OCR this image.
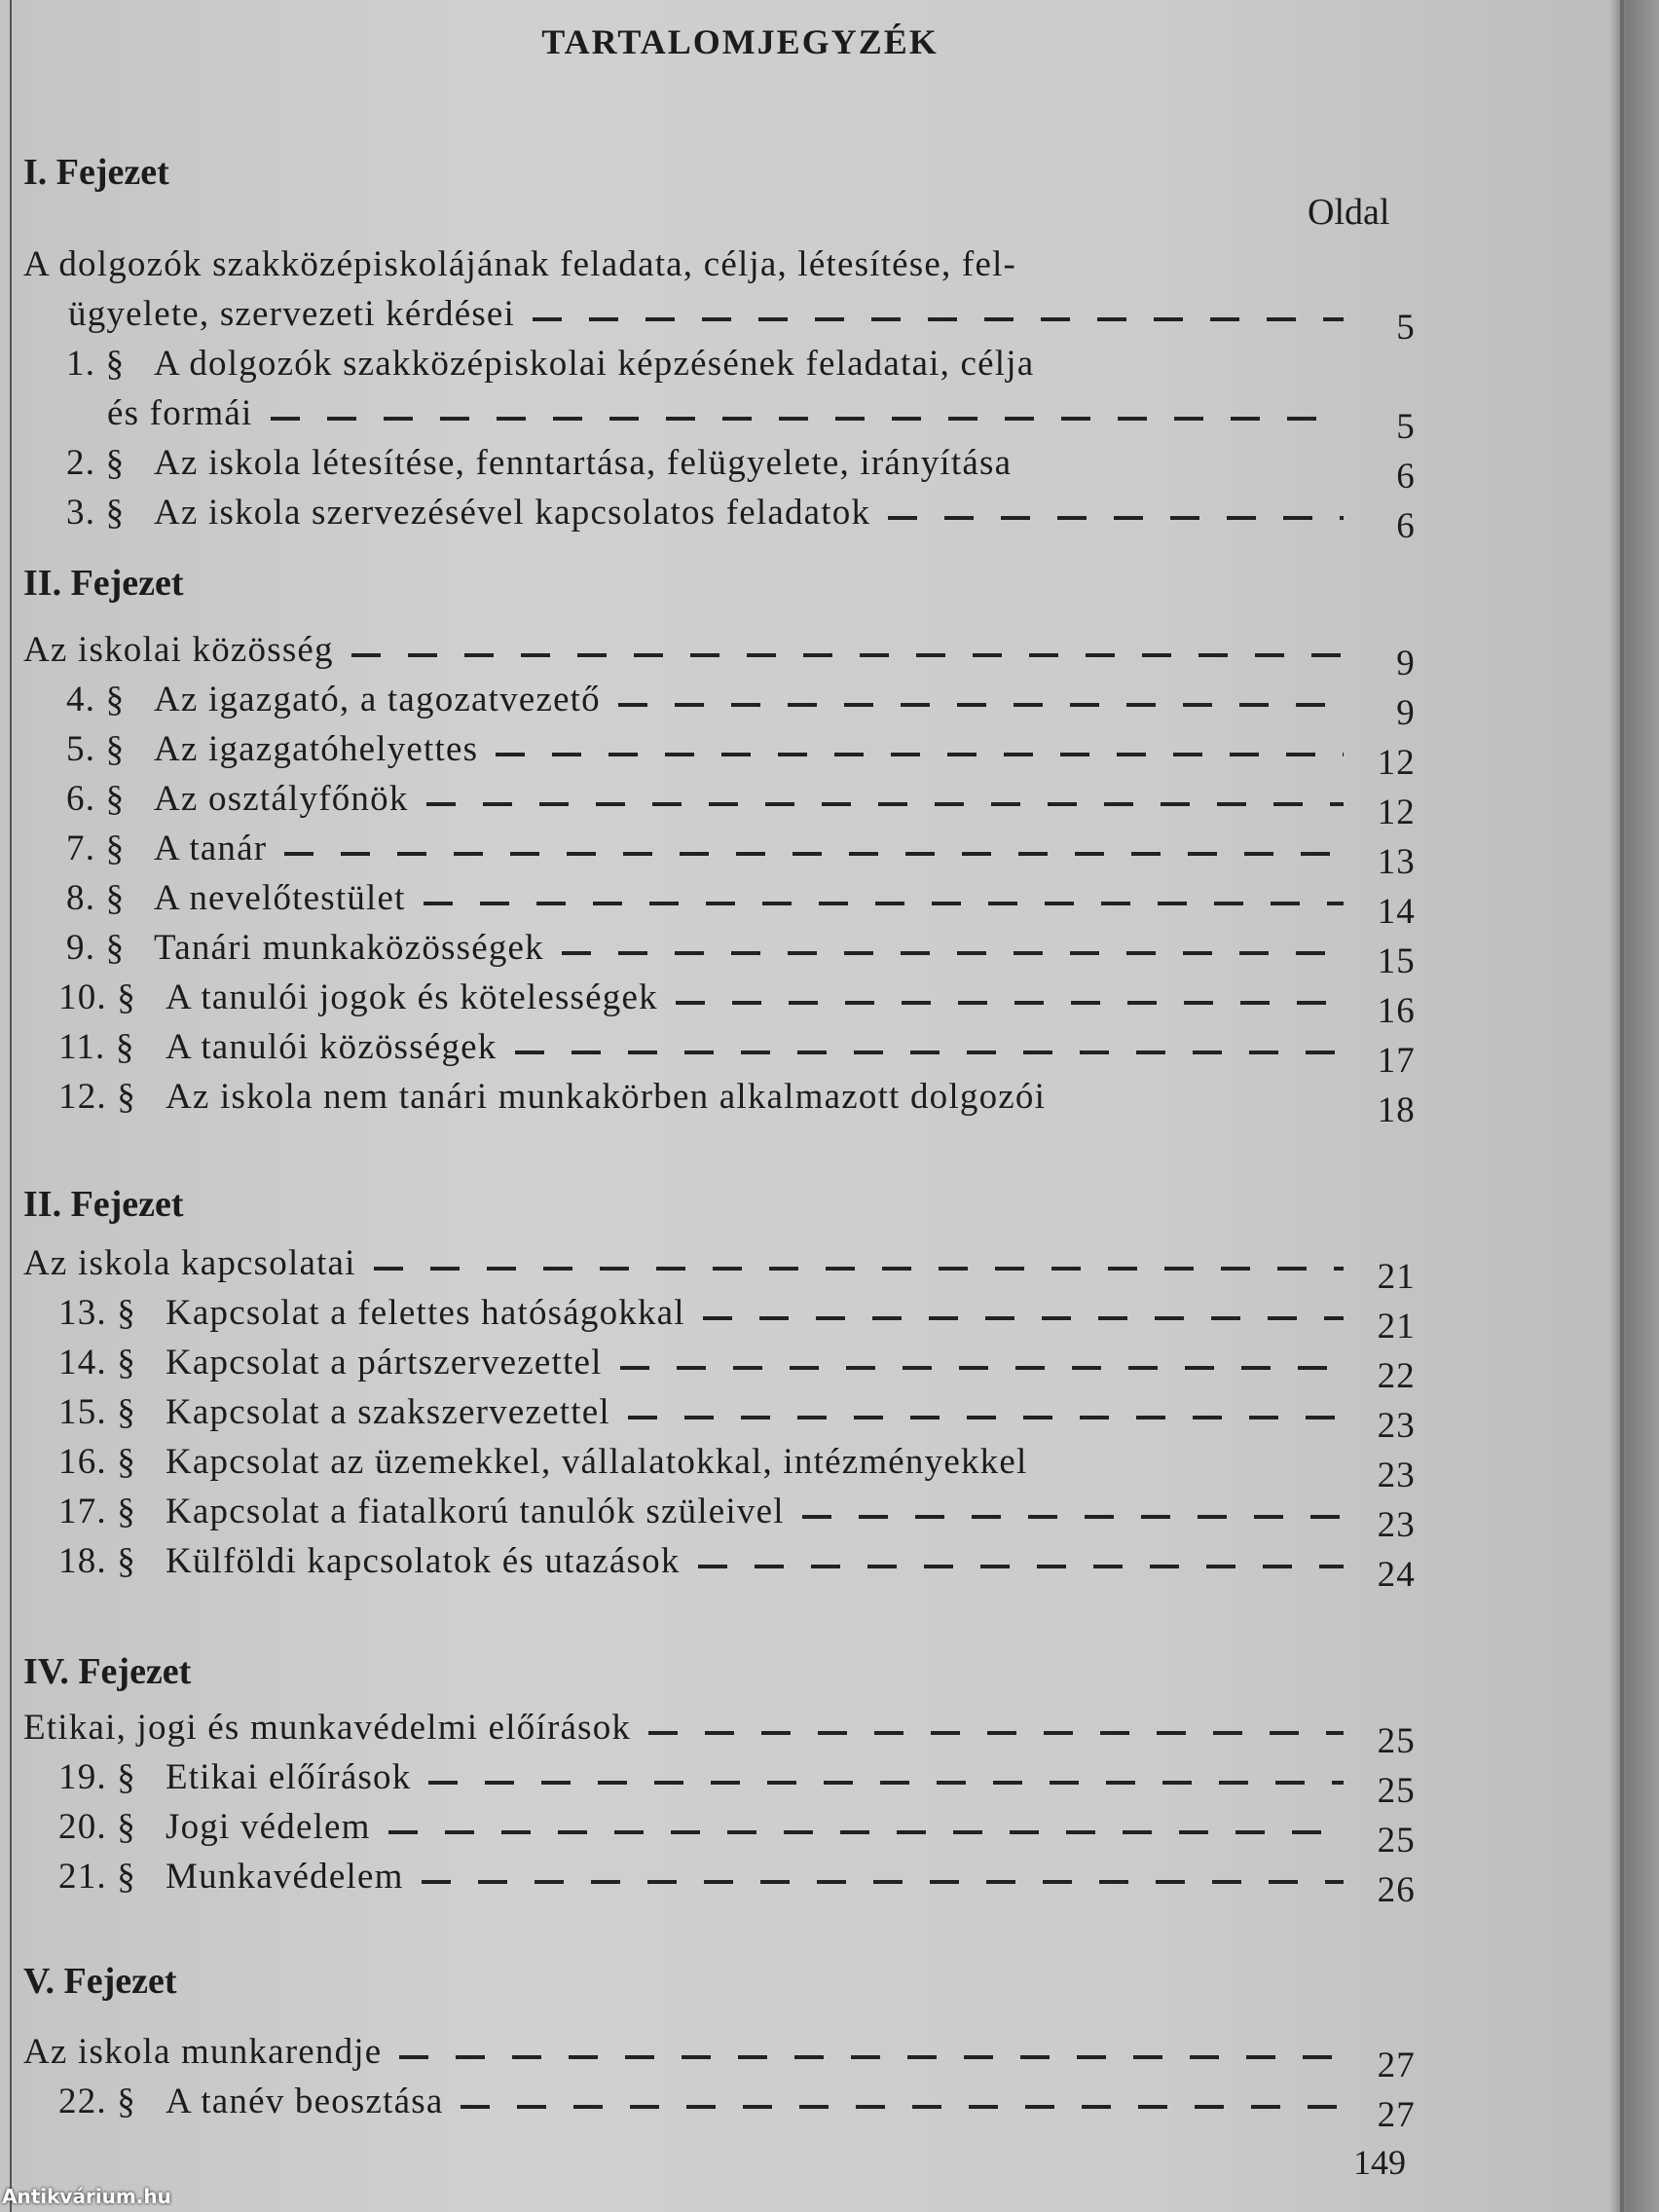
TARTALOMJEGYZÉK
Oldal
I. Fejezet
A dolgozók szakközépiskolájának feladata, célja, létesítése, fel-
ügyelete, szervezeti kérdései	5
1. § A dolgozók szakközépiskolai képzésének feladatai, célja
és formái	5
2. § Az iskola létesítése, fenntartása, felügyelete, irányítása	6
3. § Az iskola szervezésével kapcsolatos feladatok	6
II. Fejezet
Az iskolai közösség	9
4. § Az igazgató, a tagozatvezető	9
5. § Az igazgatóhelyettes	12
6. § Az osztályfőnök	12
7. § A tanár	13
8. § A nevelőtestület	14
9. § Tanári munkaközösségek	15
10. § A tanulói jogok és kötelességek	16
11. § A tanulói közösségek	17
12. § Az iskola nem tanári munkakörben alkalmazott dolgozói	18
II. Fejezet
Az iskola kapcsolatai	21
13. § Kapcsolat a felettes hatóságokkal	21
14. § Kapcsolat a pártszervezettel	22
15. § Kapcsolat a szakszervezettel	23
16. § Kapcsolat az üzemekkel, vállalatokkal, intézményekkel	23
17. § Kapcsolat a fiatalkorú tanulók szüleivel	23
18. § Külföldi kapcsolatok és utazások	24
IV. Fejezet
Etikai, jogi és munkavédelmi előírások	25
19. § Etikai előírások	25
20. § Jogi védelem	25
21. § Munkavédelem	26
V. Fejezet
Az iskola munkarendje	27
22. § A tanév beosztása	27
149
Antikvárium.hu
